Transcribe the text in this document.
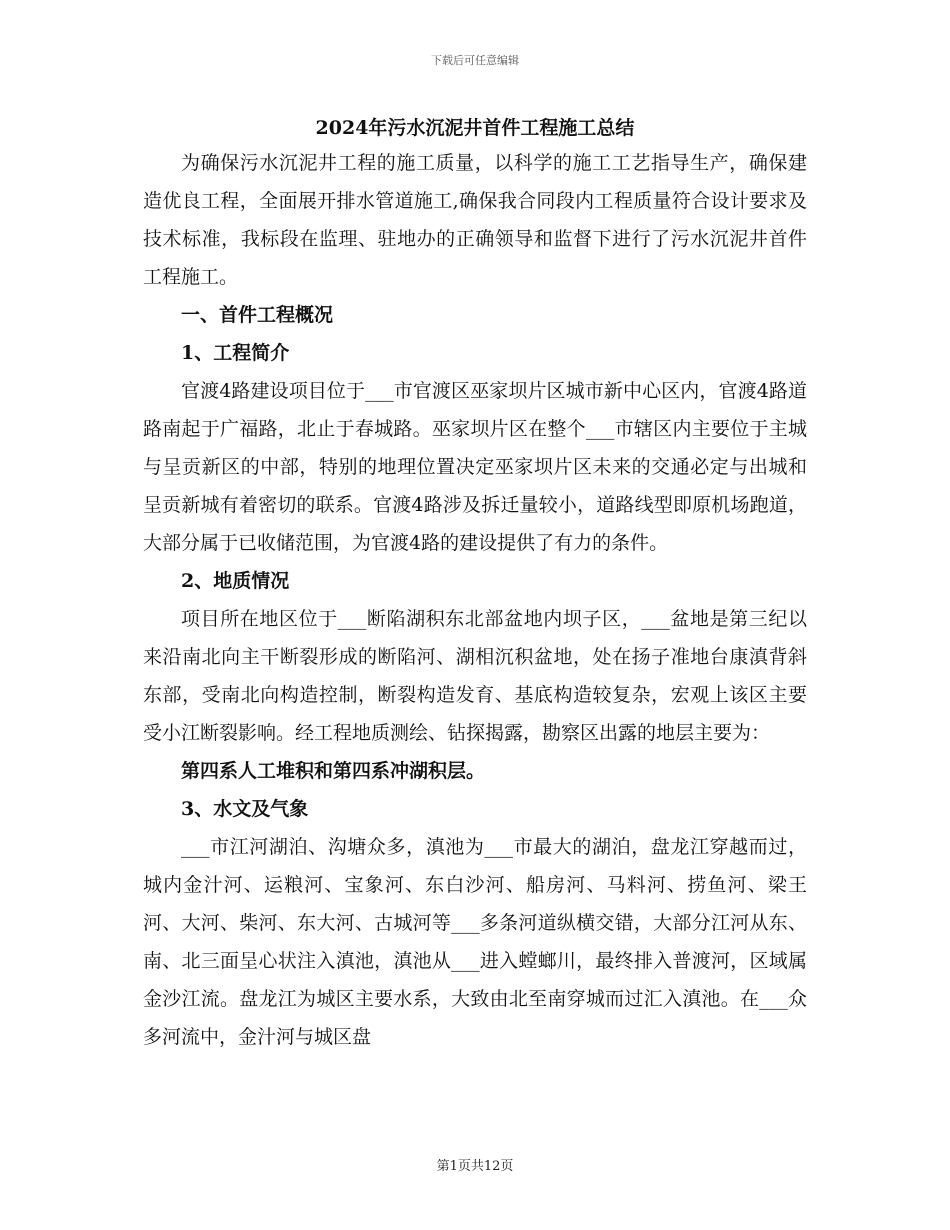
下载后可任意编辑
2024年污水沉泥井首件工程施工总结

为确保污水沉泥井工程的施工质量，以科学的施工工艺指导生产，确保建造优良工程，全面展开排水管道施工,确保我合同段内工程质量符合设计要求及技术标准，我标段在监理、驻地办的正确领导和监督下进行了污水沉泥井首件工程施工。

一、首件工程概况

1、工程简介

官渡4路建设项目位于___市官渡区巫家坝片区城市新中心区内，官渡4路道路南起于广福路，北止于春城路。巫家坝片区在整个___市辖区内主要位于主城与呈贡新区的中部，特别的地理位置决定巫家坝片区未来的交通必定与出城和呈贡新城有着密切的联系。官渡4路涉及拆迁量较小，道路线型即原机场跑道，大部分属于已收储范围，为官渡4路的建设提供了有力的条件。

2、地质情况

项目所在地区位于___断陷湖积东北部盆地内坝子区，___盆地是第三纪以来沿南北向主干断裂形成的断陷河、湖相沉积盆地，处在扬子准地台康滇背斜东部，受南北向构造控制，断裂构造发育、基底构造较复杂，宏观上该区主要受小江断裂影响。经工程地质测绘、钻探揭露，勘察区出露的地层主要为：

第四系人工堆积和第四系冲湖积层。

3、水文及气象

___市江河湖泊、沟塘众多，滇池为___市最大的湖泊，盘龙江穿越而过，城内金汁河、运粮河、宝象河、东白沙河、船房河、马料河、捞鱼河、梁王河、大河、柴河、东大河、古城河等___多条河道纵横交错，大部分江河从东、南、北三面呈心状注入滇池，滇池从___进入螳螂川，最终排入普渡河，区域属金沙江流。盘龙江为城区主要水系，大致由北至南穿城而过汇入滇池。在___众多河流中，金汁河与城区盘

第1页共12页
